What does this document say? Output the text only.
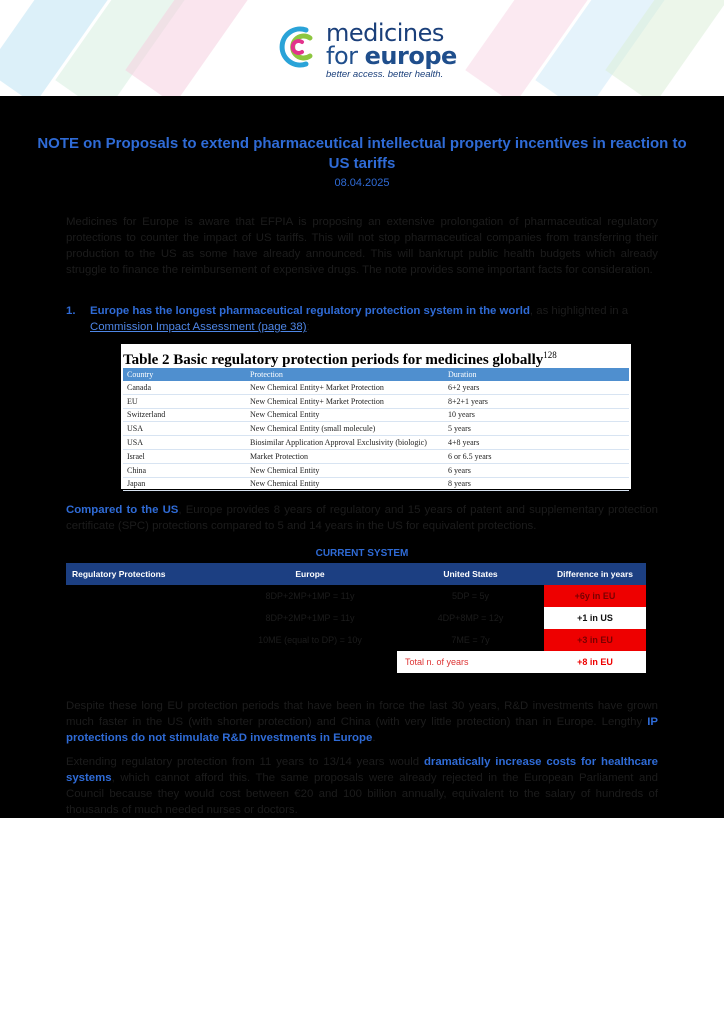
medicines
for europe
better access. better health.
NOTE on Proposals to extend pharmaceutical intellectual property incentives in reaction to US tariffs
08.04.2025
Medicines for Europe is aware that EFPIA is proposing an extensive prolongation of pharmaceutical regulatory protections to counter the impact of US tariffs. This will not stop pharmaceutical companies from transferring their production to the US as some have already announced. This will bankrupt public health budgets which already struggle to finance the reimbursement of expensive drugs. The note provides some important facts for consideration.
1. Europe has the longest pharmaceutical regulatory protection system in the world, as highlighted in a
Commission Impact Assessment (page 38):
Table 2 Basic regulatory protection periods for medicines globally$^{128}$
Country	Protection	Duration
Canada	New Chemical Entity+ Market Protection	6+2 years
EU	New Chemical Entity+ Market Protection	8+2+1 years
Switzerland	New Chemical Entity	10 years
USA	New Chemical Entity (small molecule)	5 years
USA	Biosimilar Application Approval Exclusivity (biologic)	4+8 years
Israel	Market Protection	6 or 6.5 years
China	New Chemical Entity	6 years
Japan	New Chemical Entity	8 years
Compared to the US, Europe provides 8 years of regulatory and 15 years of patent and supplementary protection certificate (SPC) protections compared to 5 and 14 years in the US for equivalent protections.
CURRENT SYSTEM
Regulatory Protections	Europe	United States	Difference in years
	8DP+2MP+1MP = 11y	5DP = 5y	+6y in EU
	8DP+2MP+1MP = 11y	4DP+8MP = 12y	+1 in US
	10ME (equal to DP) = 10y	7ME = 7y	+3 in EU
		Total n. of years	+8 in EU
Despite these long EU protection periods that have been in force the last 30 years, R&D investments have grown much faster in the US (with shorter protection) and China (with very little protection) than in Europe. Lengthy IP protections do not stimulate R&D investments in Europe.
Extending regulatory protection from 11 years to 13/14 years would dramatically increase costs for healthcare systems, which cannot afford this. The same proposals were already rejected in the European Parliament and Council because they would cost between €20 and 100 billion annually, equivalent to the salary of hundreds of thousands of much needed nurses or doctors.
